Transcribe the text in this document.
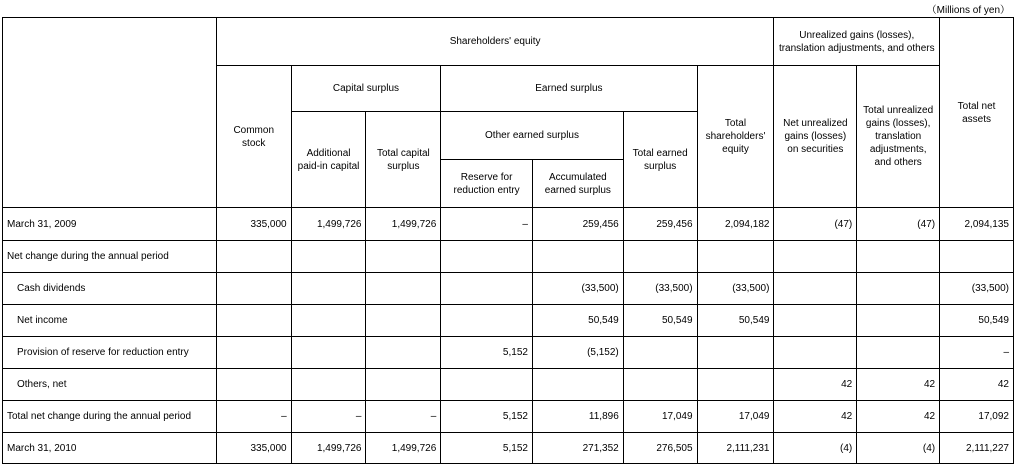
（Millions of yen）
	Shareholders' equity							Unrealized gains (losses), translation adjustments, and others		Total net assets
	Common stock	Capital surplus		Earned surplus			Total shareholders' equity	Net unrealized gains (losses) on securities	Total unrealized gains (losses), translation adjustments, and others	
		Additional paid-in capital	Total capital surplus	Other earned surplus		Total earned surplus				
				Reserve for reduction entry	Accumulated earned surplus					
March 31, 2009	335,000	1,499,726	1,499,726	–	259,456	259,456	2,094,182	(47)	(47)	2,094,135
Net change during the annual period										
Cash dividends					(33,500)	(33,500)	(33,500)			(33,500)
Net income					50,549	50,549	50,549			50,549
Provision of reserve for reduction entry				5,152	(5,152)					–
Others, net								42	42	42
Total net change during the annual period	–	–	–	5,152	11,896	17,049	17,049	42	42	17,092
March 31, 2010	335,000	1,499,726	1,499,726	5,152	271,352	276,505	2,111,231	(4)	(4)	2,111,227
